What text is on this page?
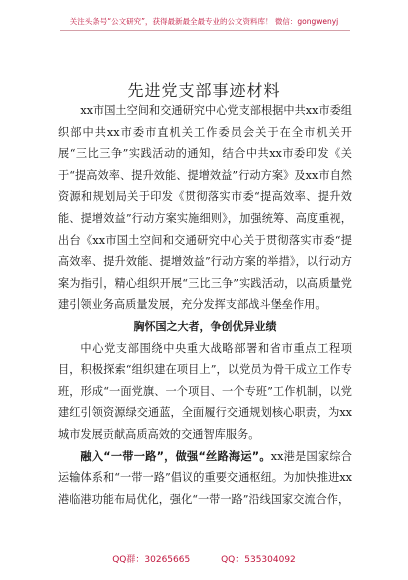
关注头条号“公文研究”，获得最新最全最专业的公文资料库！ 微信：gongwenyj
先进党支部事迹材料

xx市国土空间和交通研究中心党支部根据中共xx市委组织部中共xx市委市直机关工作委员会关于在全市机关开展“三比三争”实践活动的通知，结合中共xx市委印发《关于“提高效率、提升效能、提增效益”行动方案》及xx市自然资源和规划局关于印发《贯彻落实市委“提高效率、提升效能、提增效益”行动方案实施细则》，加强统筹、高度重视，出台《xx市国土空间和交通研究中心关于贯彻落实市委“提高效率、提升效能、提增效益”行动方案的举措》，以行动方案为指引，精心组织开展“三比三争”实践活动，以高质量党建引领业务高质量发展，充分发挥支部战斗堡垒作用。

胸怀国之大者，争创优异业绩

中心党支部围绕中央重大战略部署和省市重点工程项目，积极探索“组织建在项目上”，以党员为骨干成立工作专班，形成“一面党旗、一个项目、一个专班”工作机制，以党建红引领资源绿交通蓝，全面履行交通规划核心职责，为xx城市发展贡献高质高效的交通智库服务。

融入“一带一路”，做强“丝路海运”。xx港是国家综合运输体系和“一带一路”倡议的重要交通枢纽。为加快推进xx港临港功能布局优化，强化“一带一路”沿线国家交流合作，

QQ群：30265665	QQ：535304092
